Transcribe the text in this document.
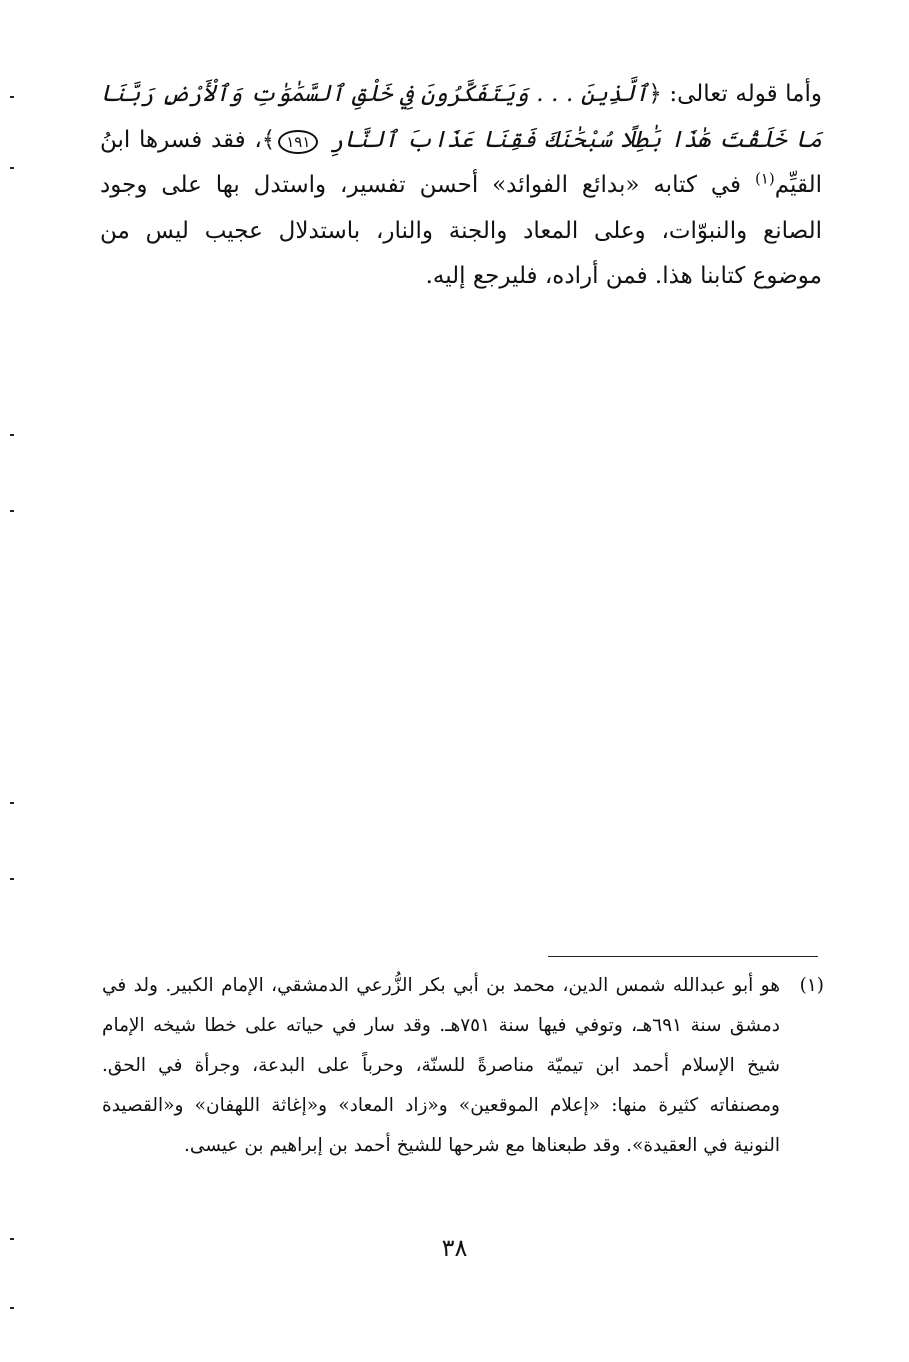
وأما قوله تعالى: ﴿ٱلَّذِينَ . . . وَيَتَفَكَّرُونَ فِي خَلْقِ ٱلسَّمَٰوَٰتِ وَٱلْأَرْضِ رَبَّنَا مَا خَلَقْتَ هَٰذَا بَٰطِلًا سُبْحَٰنَكَ فَقِنَا عَذَابَ ٱلنَّارِ ١٩١﴾، فقد فسرها ابنُ القيِّم$^{(١)}$ في كتابه «بدائع الفوائد» أحسن تفسير، واستدل بها على وجود الصانع والنبوّات، وعلى المعاد والجنة والنار، باستدلال عجيب ليس من موضوع كتابنا هذا. فمن أراده، فليرجع إليه.

(١)
هو أبو عبدالله شمس الدين، محمد بن أبي بكر الزُّرعي الدمشقي، الإمام الكبير. ولد في دمشق سنة ٦٩١هـ، وتوفي فيها سنة ٧٥١هـ. وقد سار في حياته على خطا شيخه الإمام شيخ الإسلام أحمد ابن تيميّة مناصرةً للسنّة، وحرباً على البدعة، وجرأة في الحق. ومصنفاته كثيرة منها: «إعلام الموقعين» و«زاد المعاد» و«إغاثة اللهفان» و«القصيدة النونية في العقيدة». وقد طبعناها مع شرحها للشيخ أحمد بن إبراهيم بن عيسى.
٣٨
